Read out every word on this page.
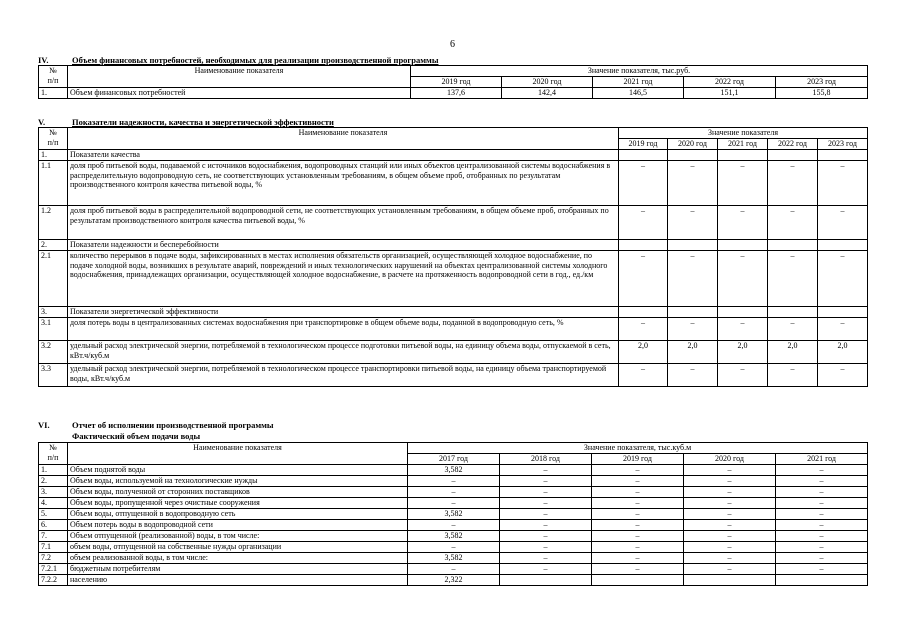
6
IV.	Объем финансовых потребностей, необходимых для реализации производственной программы
№
п/п	Наименование показателя	Значение показателя, тыс.руб.				
		2019 год	2020 год	2021 год	2022 год	2023 год
1.	Объем финансовых потребностей	137,6	142,4	146,5	151,1	155,8
V.	Показатели надежности, качества и энергетической эффективности
№
п/п	Наименование показателя	Значение показателя				
		2019 год	2020 год	2021 год	2022 год	2023 год
1.	Показатели качества					
1.1	доля проб питьевой воды, подаваемой с источников водоснабжения, водопроводных станций или иных объектов централизованной системы водоснабжения в распределительную водопроводную сеть, не соответствующих установленным требованиям, в общем объеме проб, отобранных по результатам производственного контроля качества питьевой воды, %	–	–	–	–	–
1.2	доля проб питьевой воды в распределительной водопроводной сети, не соответствующих установленным требованиям, в общем объеме проб, отобранных по результатам производственного контроля качества питьевой воды, %	–	–	–	–	–
2.	Показатели надежности и бесперебойности					
2.1	количество перерывов в подаче воды, зафиксированных в местах исполнения обязательств организацией, осуществляющей холодное водоснабжение, по подаче холодной воды, возникших в результате аварий, повреждений и иных технологических нарушений на объектах централизованной системы холодного водоснабжения, принадлежащих организации, осуществляющей холодное водоснабжение, в расчете на протяженность водопроводной сети в год., ед./км	–	–	–	–	–
3.	Показатели энергетической эффективности					
3.1	доля потерь воды в централизованных системах водоснабжения при транспортировке в общем объеме воды, поданной в водопроводную сеть, %	–	–	–	–	–
3.2	удельный расход электрической энергии, потребляемой в технологическом процессе подготовки питьевой воды, на единицу объема воды, отпускаемой в сеть, кВт.ч/куб.м	2,0	2,0	2,0	2,0	2,0
3.3	удельный расход электрической энергии, потребляемой в технологическом процессе транспортировки питьевой воды, на единицу объема транспортируемой воды, кВт.ч/куб.м	–	–	–	–	–
VI.	Отчет об исполнении производственной программы
Фактический объем подачи воды
№
п/п	Наименование показателя	Значение показателя, тыс.куб.м				
		2017 год	2018 год	2019 год	2020 год	2021 год
1.	Объем поднятой воды	3,582	–	–	–	–
2.	Объем воды, используемой на технологические нужды	–	–	–	–	–
3.	Объем воды, полученной от сторонних поставщиков	–	–	–	–	–
4.	Объем воды, пропущенной через очистные сооружения	–	–	–	–	–
5.	Объем воды, отпущенной в водопроводную сеть	3,582	–	–	–	–
6.	Объем потерь воды в водопроводной сети	–	–	–	–	–
7.	Объем отпущенной (реализованной) воды, в том числе:	3,582	–	–	–	–
7.1	объем воды, отпущенной на собственные нужды организации	–	–	–	–	–
7.2	объем реализованной воды, в том числе:	3,582	–	–	–	–
7.2.1	бюджетным потребителям	–	–	–	–	–
7.2.2	населению	2,322				
